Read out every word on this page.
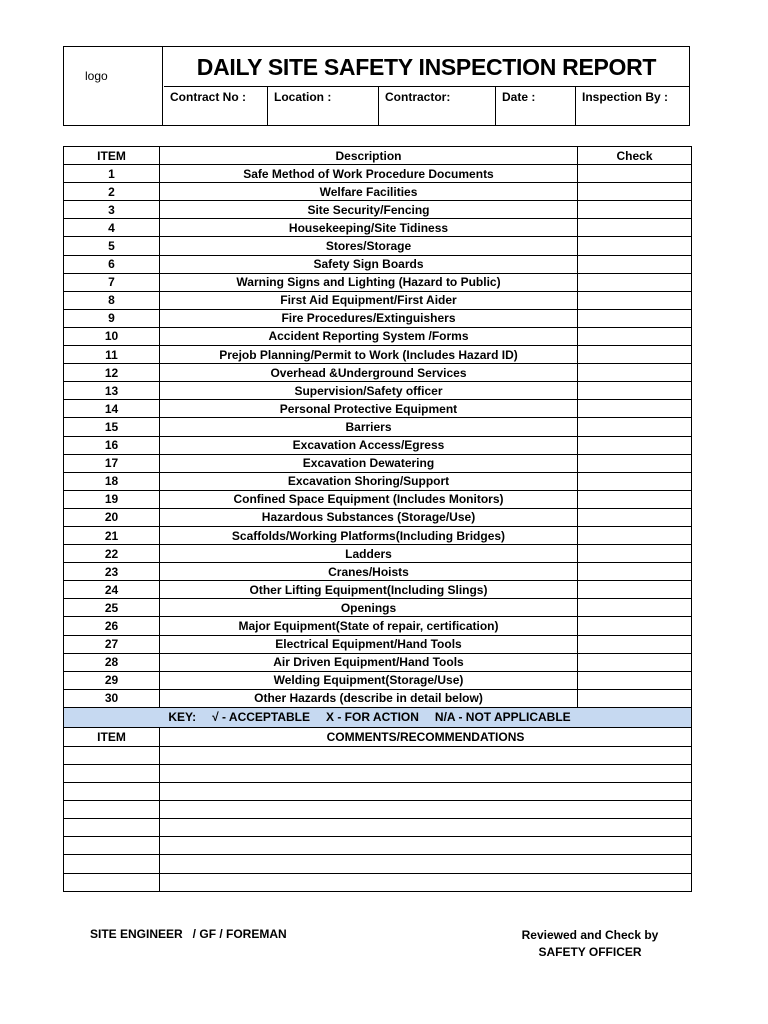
logo	DAILY SITE SAFETY INSPECTION REPORT
Contract No :	Location :	Contractor:	Date :	Inspection By :
ITEM	Description	Check
1	Safe Method of Work Procedure Documents	
2	Welfare Facilities	
3	Site Security/Fencing	
4	Housekeeping/Site Tidiness	
5	Stores/Storage	
6	Safety Sign Boards	
7	Warning Signs and Lighting (Hazard to Public)	
8	First Aid Equipment/First Aider	
9	Fire Procedures/Extinguishers	
10	Accident Reporting System /Forms	
11	Prejob Planning/Permit to Work (Includes Hazard ID)	
12	Overhead &Underground Services	
13	Supervision/Safety officer	
14	Personal Protective Equipment	
15	Barriers	
16	Excavation Access/Egress	
17	Excavation Dewatering	
18	Excavation Shoring/Support	
19	Confined Space Equipment (Includes Monitors)	
20	Hazardous Substances (Storage/Use)	
21	Scaffolds/Working Platforms(Including Bridges)	
22	Ladders	
23	Cranes/Hoists	
24	Other Lifting Equipment(Including Slings)	
25	Openings	
26	Major Equipment(State of repair, certification)	
27	Electrical Equipment/Hand Tools	
28	Air Driven Equipment/Hand Tools	
29	Welding Equipment(Storage/Use)	
30	Other Hazards (describe in detail below)	
KEY: √ - ACCEPTABLE X - FOR ACTION N/A - NOT APPLICABLE		
ITEM	COMMENTS/RECOMMENDATIONS	

SITE ENGINEER   / GF / FOREMAN	Reviewed and Check by
SAFETY OFFICER
